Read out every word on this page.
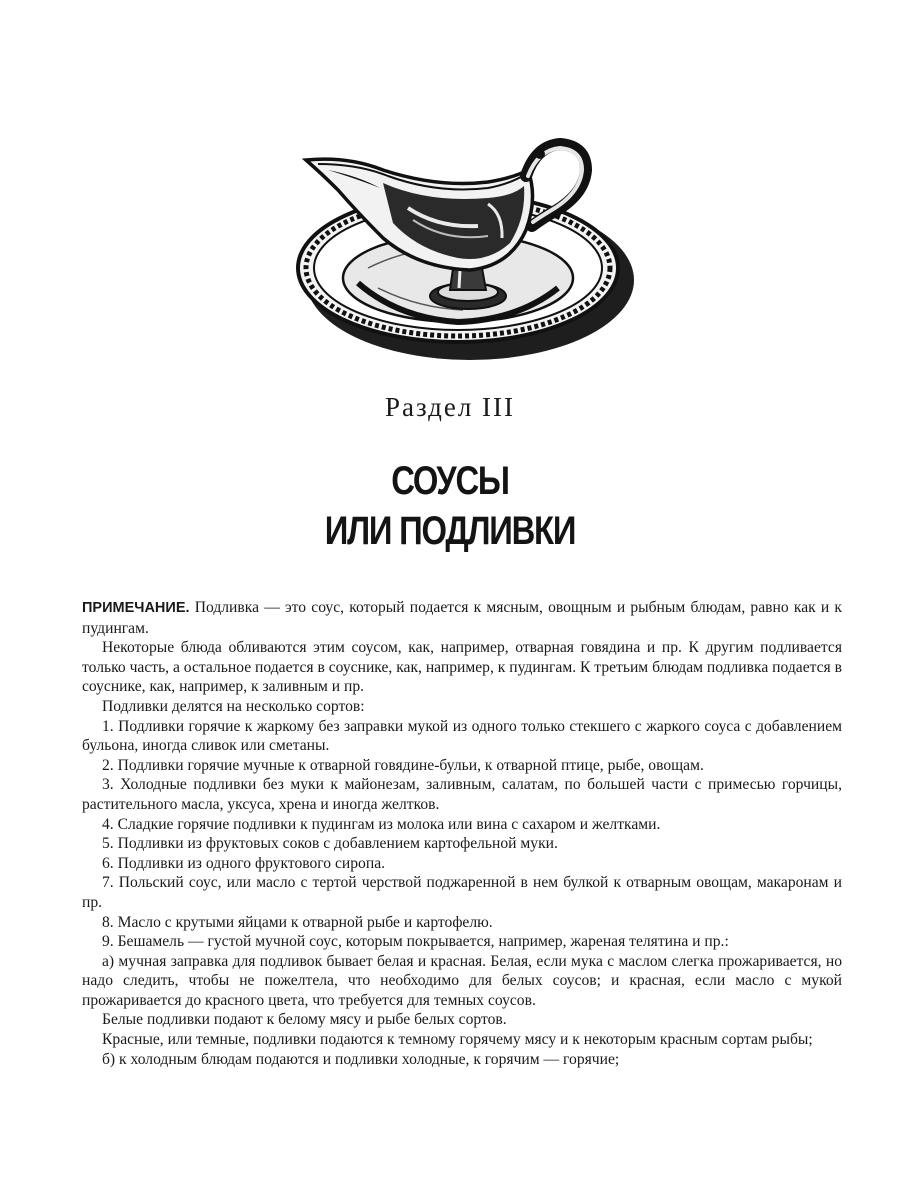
Раздел III
СОУСЫ
ИЛИ ПОДЛИВКИ

ПРИМЕЧАНИЕ. Подливка — это соус, который подается к мясным, овощным и рыбным блюдам, равно как и к пудингам.

Некоторые блюда обливаются этим соусом, как, например, отварная говядина и пр. К другим подливается только часть, а остальное подается в соуснике, как, например, к пудингам. К третьим блюдам подливка подается в соуснике, как, например, к заливным и пр.

Подливки делятся на несколько сортов:

1. Подливки горячие к жаркому без заправки мукой из одного только стекшего с жаркого соуса с добавлением бульона, иногда сливок или сметаны.

2. Подливки горячие мучные к отварной говядине-бульи, к отварной птице, рыбе, овощам.

3. Холодные подливки без муки к майонезам, заливным, салатам, по большей части с примесью горчицы, растительного масла, уксуса, хрена и иногда желтков.

4. Сладкие горячие подливки к пудингам из молока или вина с сахаром и желтками.

5. Подливки из фруктовых соков с добавлением картофельной муки.

6. Подливки из одного фруктового сиропа.

7. Польский соус, или масло с тертой черствой поджаренной в нем булкой к отварным овощам, макаронам и пр.

8. Масло с крутыми яйцами к отварной рыбе и картофелю.

9. Бешамель — густой мучной соус, которым покрывается, например, жареная телятина и пр.:

а) мучная заправка для подливок бывает белая и красная. Белая, если мука с маслом слегка прожаривается, но надо следить, чтобы не пожелтела, что необходимо для белых соусов; и красная, если масло с мукой прожаривается до красного цвета, что требуется для темных соусов.

Белые подливки подают к белому мясу и рыбе белых сортов.

Красные, или темные, подливки подаются к темному горячему мясу и к некоторым красным сортам рыбы;

б) к холодным блюдам подаются и подливки холодные, к горячим — горячие;
